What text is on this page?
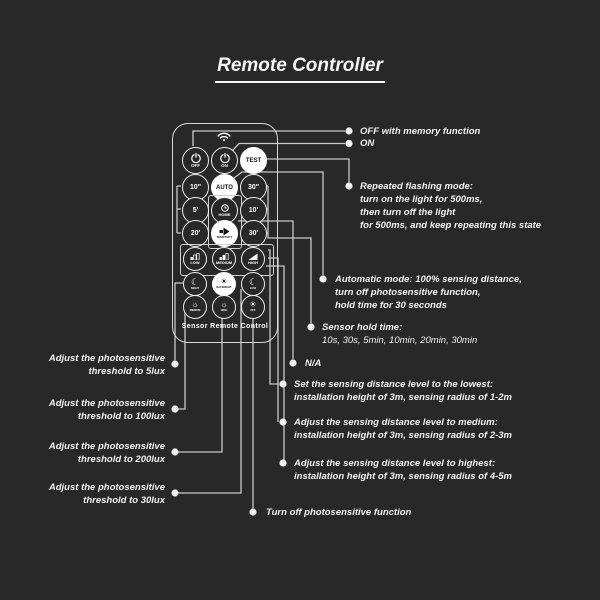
Remote Controller
OFF	ON
TEST
10"	AUTO 30"
5'
HOME
10'
20'
SENSITIVITY
30'
LOW	MEDIUM	HIGH
☾
NIGHT
☀
DAY&NIGHT
☾
LOW
☼
MEDIUM
☼
HIGH
☀
OFF
Sensor Remote Control
OFF with memory function
ON
Repeated flashing mode:
turn on the light for 500ms,
then turn off the light
for 500ms, and keep repeating this state
Automatic mode: 100% sensing distance,
turn off photosensitive function,
hold time for 30 seconds
Sensor hold time:
10s, 30s, 5min, 10min, 20min, 30min
N/A
Set the sensing distance level to the lowest:
installation height of 3m, sensing radius of 1-2m
Adjust the sensing distance level to medium:
installation height of 3m, sensing radius of 2-3m
Adjust the sensing distance level to highest:
installation height of 3m, sensing radius of 4-5m
Turn off photosensitive function
Adjust the photosensitive
threshold to 5lux
Adjust the photosensitive
threshold to 100lux
Adjust the photosensitive
threshold to 200lux
Adjust the photosensitive
threshold to 30lux
